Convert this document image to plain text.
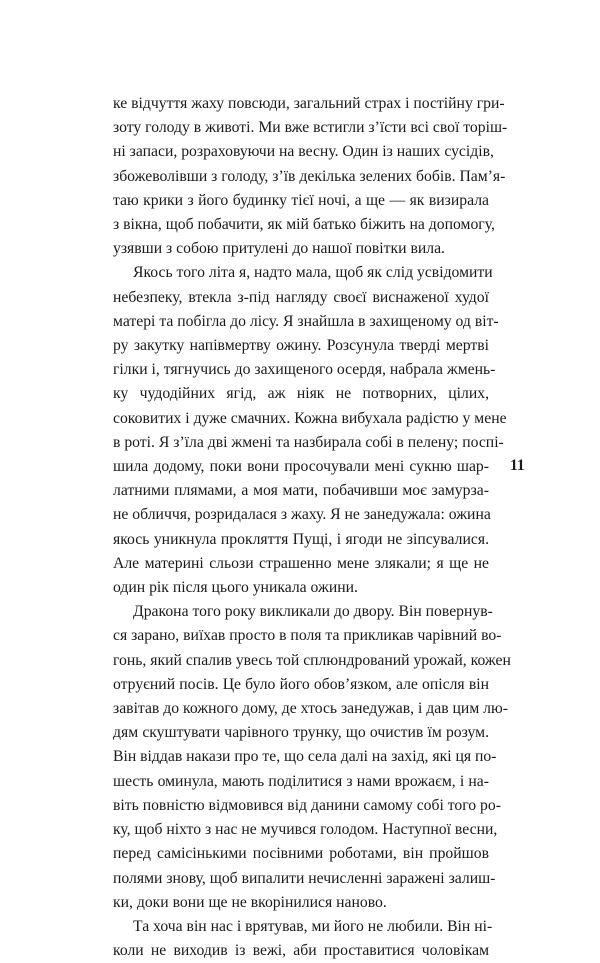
ке відчуття жаху повсюди, загальний страх і постійну гри-
зоту голоду в животі. Ми вже встигли з’їсти всі свої торіш-
ні запаси, розраховуючи на весну. Один із наших сусідів,
збожеволівши з голоду, з’їв декілька зелених бобів. Пам’я-
таю крики з його будинку тієї ночі, а ще — як визирала
з вікна, щоб побачити, як мій батько біжить на допомогу,
узявши з собою притулені до нашої повітки вила.

Якось того літа я, надто мала, щоб як слід усвідомити
небезпеку, втекла з-під нагляду своєї виснаженої худої
матері та побігла до лісу. Я знайшла в захищеному од віт-
ру закутку напівмертву ожину. Розсунула тверді мертві
гілки і, тягнучись до захищеного осердя, набрала жмень-
ку чудодійних ягід, аж ніяк не потворних, цілих,
соковитих і дуже смачних. Кожна вибухала радістю у мене
в роті. Я з’їла дві жмені та назбирала собі в пелену; поспі-
шила додому, поки вони просочували мені сукню шар-
латними плямами, а моя мати, побачивши моє замурза-
не обличчя, розридалася з жаху. Я не занедужала: ожина
якось уникнула прокляття Пущі, і ягоди не зіпсувалися.
Але материні сльози страшенно мене злякали; я ще не
один рік після цього уникала ожини.

Дракона того року викликали до двору. Він повернув-
ся зарано, виїхав просто в поля та прикликав чарівний во-
гонь, який спалив увесь той сплюндрований урожай, кожен
отруєний посів. Це було його обов’язком, але опісля він
завітав до кожного дому, де хтось занедужав, і дав цим лю-
дям скуштувати чарівного трунку, що очистив їм розум.
Він віддав накази про те, що села далі на захід, які ця по-
шесть оминула, мають поділитися з нами врожаєм, і на-
віть повністю відмовився від данини самому собі того ро-
ку, щоб ніхто з нас не мучився голодом. Наступної весни,
перед самісінькими посівними роботами, він пройшов
полями знову, щоб випалити нечисленні заражені залиш-
ки, доки вони ще не вкорінилися наново.

Та хоча він нас і врятував, ми його не любили. Він ні-
коли не виходив із вежі, аби проставитися чоловікам

11
